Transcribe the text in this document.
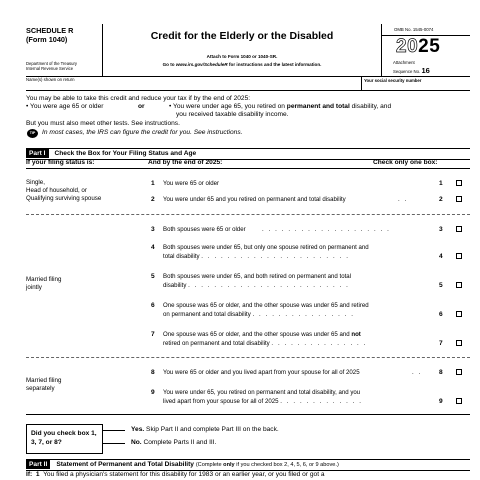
SCHEDULE R
(Form 1040)
Department of the Treasury
Internal Revenue Service
Credit for the Elderly or the Disabled
Attach to Form 1040 or 1040-SR.
Go to www.irs.gov/ScheduleR for instructions and the latest information.
OMB No. 1545-0074
2025
Attachment
Sequence No. 16
Name(s) shown on return	Your social security number
You may be able to take this credit and reduce your tax if by the end of 2025:
• You were age 65 or older	or	• You were under age 65, you retired on permanent and total disability, and
you received taxable disability income.
But you must also meet other tests. See instructions.
TIP	In most cases, the IRS can figure the credit for you. See instructions.
Part I Check the Box for Your Filing Status and Age
If your filing status is:	And by the end of 2025:	Check only one box:
Single,
Head of household, or
Qualifying surviving spouse
1 You were 65 or older	1
2 You were under 65 and you retired on permanent and total disability	. .	2
Married filing
jointly
3 Both spouses were 65 or older	. . . . . . . . . . . . . . . . . . . .	3
4 Both spouses were under 65, but only one spouse retired on permanent and
total disability . . . . . . . . . . . . . . . . . . . . . . .	4
5 Both spouses were under 65, and both retired on permanent and total
disability . . . . . . . . . . . . . . . . . . . . . . . . .	5
6 One spouse was 65 or older, and the other spouse was under 65 and retired
on permanent and total disability . . . . . . . . . . . . . . . .	6
7 One spouse was 65 or older, and the other spouse was under 65 and not
retired on permanent and total disability . . . . . . . . . . . . . . .	7
Married filing
separately
8 You were 65 or older and you lived apart from your spouse for all of 2025	. .	8
9 You were under 65, you retired on permanent and total disability, and you
lived apart from your spouse for all of 2025 . . . . . . . . . . . . .	9
Did you check box 1, 3, 7, or 8?
Yes. Skip Part II and complete Part III on the back.
No. Complete Parts II and III.
Part II Statement of Permanent and Total Disability (Complete only if you checked box 2, 4, 5, 6, or 9 above.)
If: 1 You filed a physician's statement for this disability for 1983 or an earlier year, or you filed or got a
